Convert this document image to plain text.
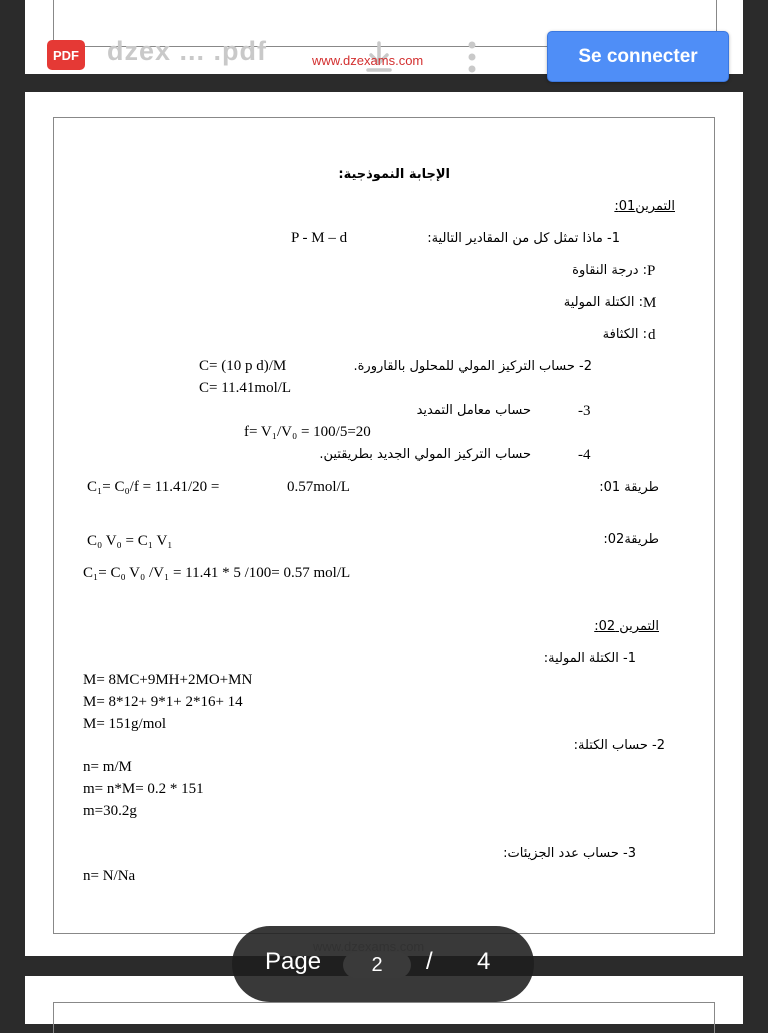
PDF dzex ... .pdf	www.dzexams.com	Se connecter
الإجابة النموذجية:
التمرين01:
1- ماذا تمثل كل من المقادير التالية:
P - M – d
P
: درجة النقاوة
M
: الكتلة المولية
d
: الكثافة
2- حساب التركيز المولي للمحلول بالقارورة.
C= (10 p d)/M
C= 11.41mol/L
حساب معامل التمديد	-3
f= V₁/V₀ = 100/5=20
حساب التركيز المولي الجديد بطريقتين.	-4
طريقة 01:
C₁= C₀/f = 11.41/20 =	0.57mol/L
طريقة02:
C₀ V₀ = C₁ V₁
C₁= C₀ V₀ /V₁ = 11.41 * 5 /100= 0.57 mol/L
التمرين 02:
1- الكتلة المولية:
M= 8MC+9MH+2MO+MN
M= 8*12+ 9*1+ 2*16+ 14
M= 151g/mol
2- حساب الكتلة:
n= m/M
m= n*M= 0.2 * 151
m=30.2g
3- حساب عدد الجزيئات:
n= N/Na
Page	2	/ 4
